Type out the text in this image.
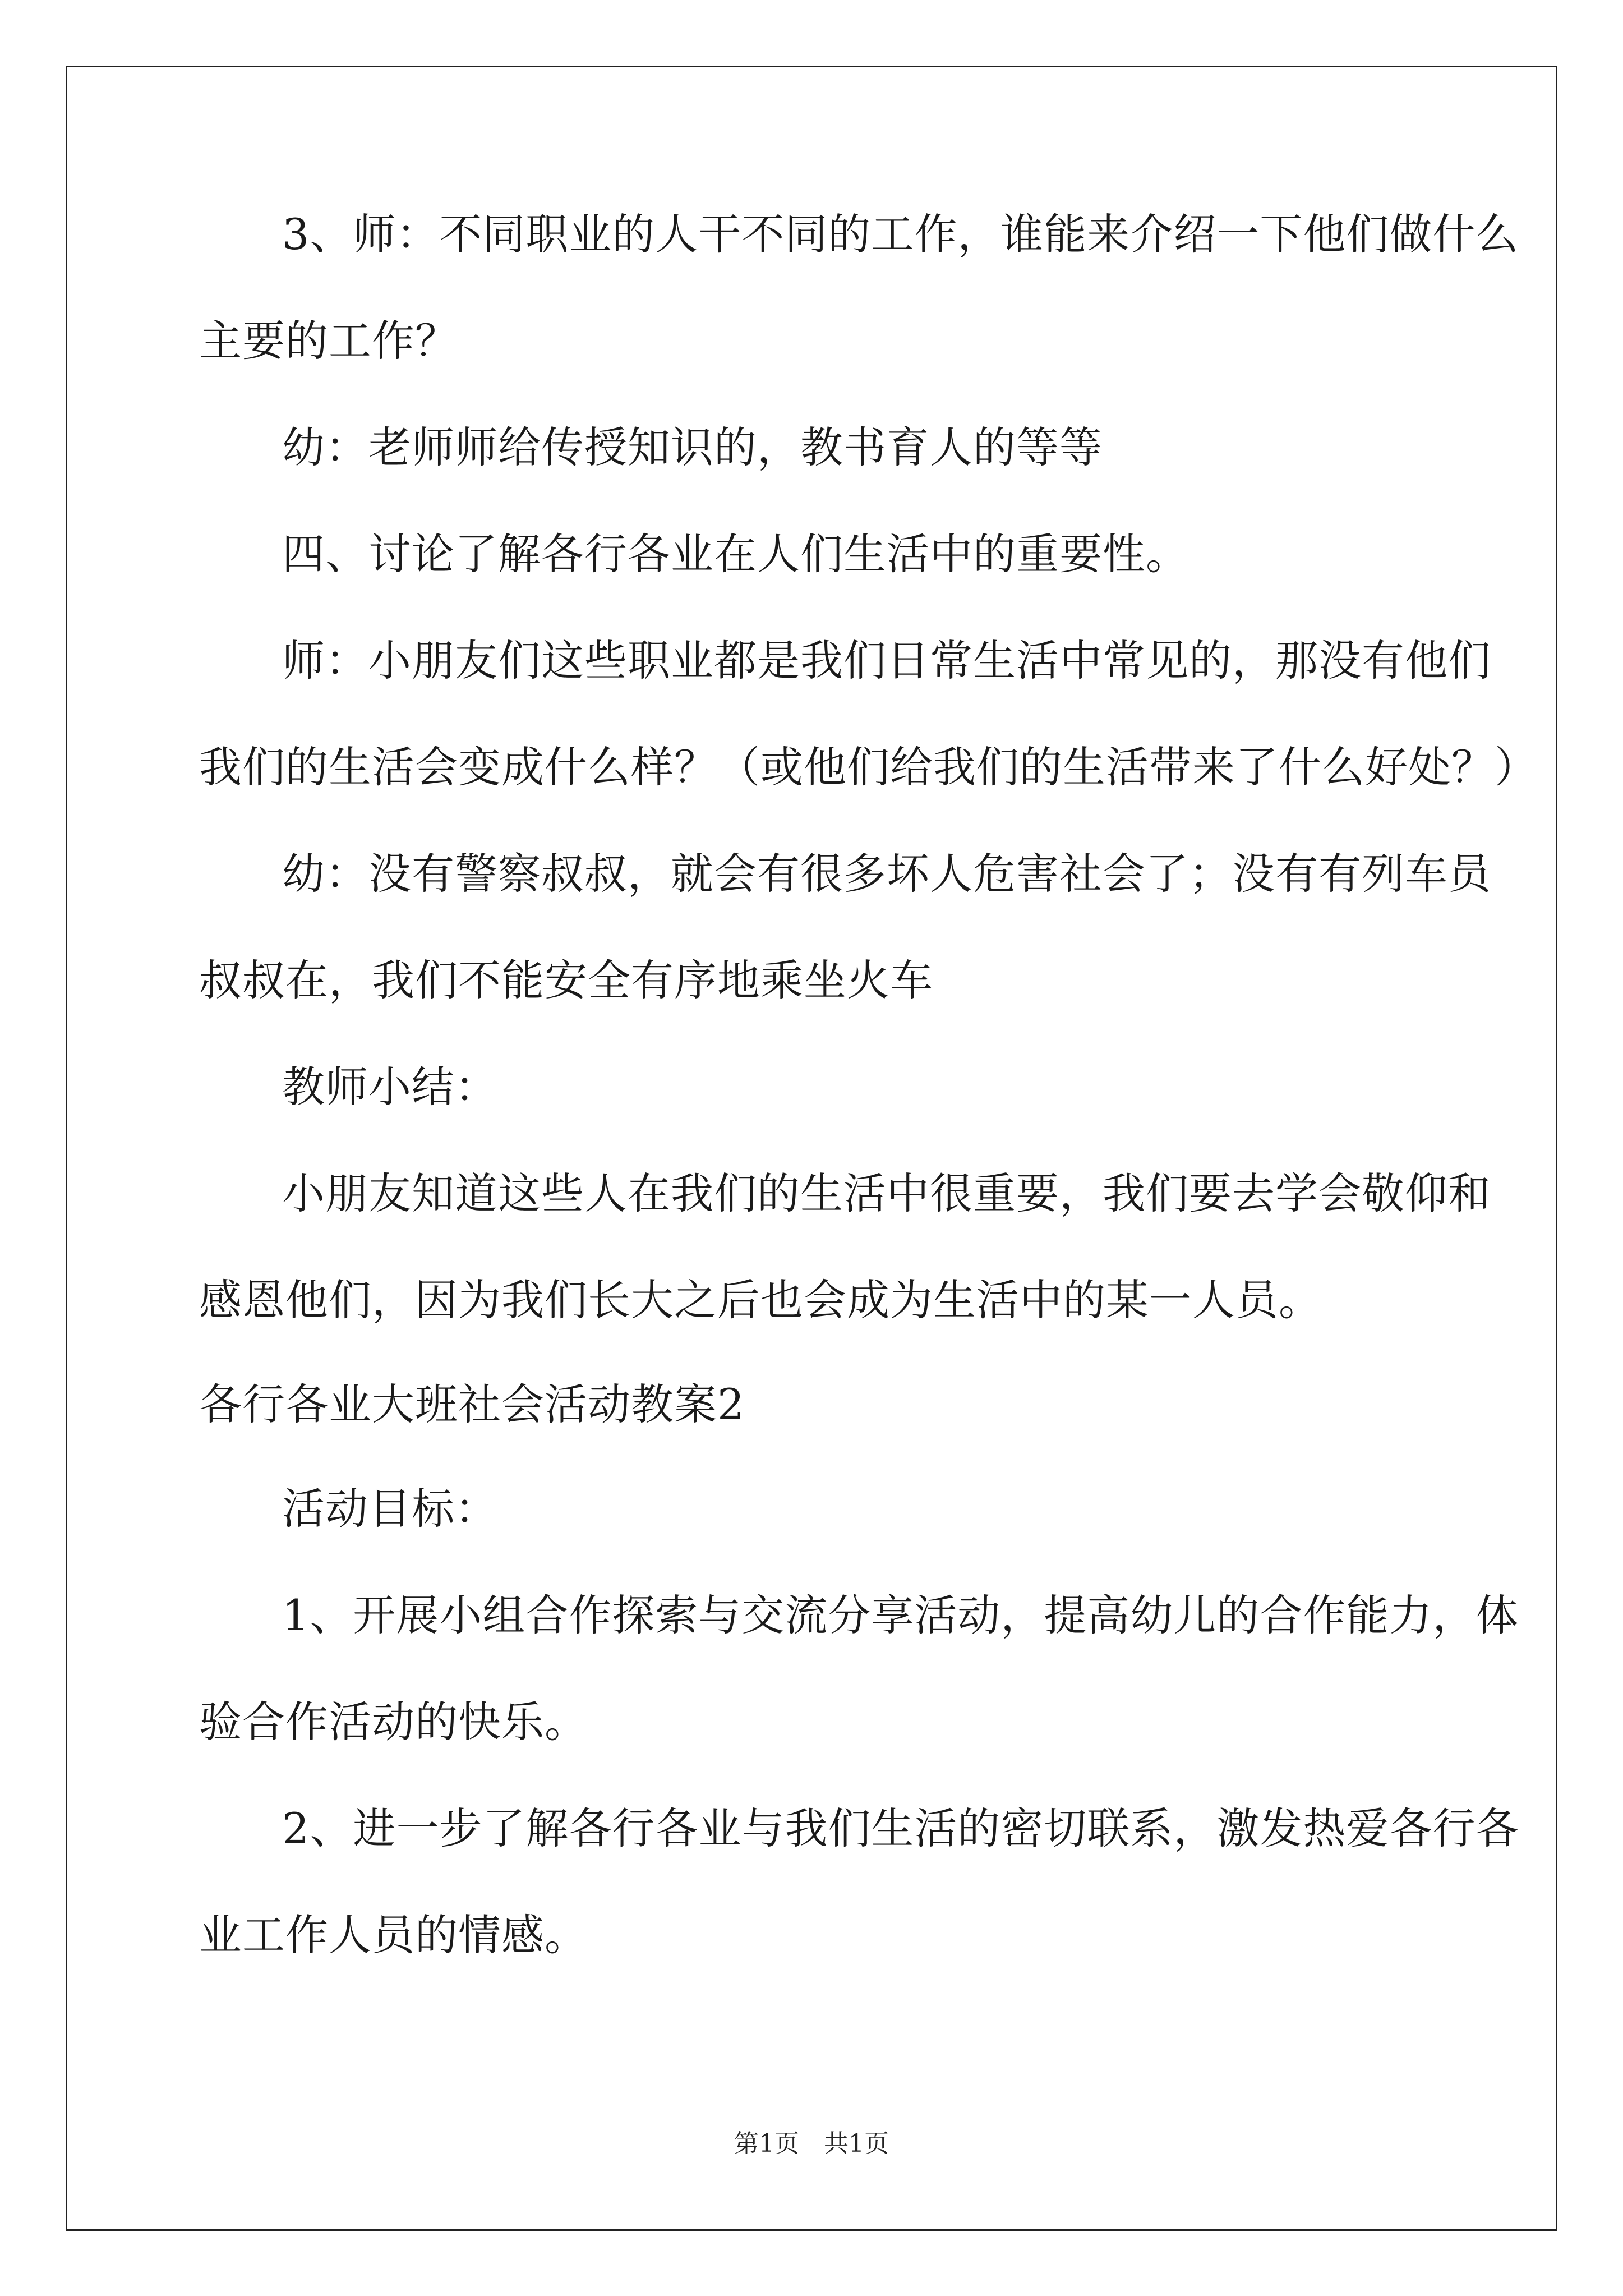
3、师：不同职业的人干不同的工作，谁能来介绍一下他们做什么
主要的工作？
幼：老师师给传授知识的，教书育人的等等
四、讨论了解各行各业在人们生活中的重要性。
师：小朋友们这些职业都是我们日常生活中常见的，那没有他们
我们的生活会变成什么样？（或他们给我们的生活带来了什么好处？）
幼：没有警察叔叔，就会有很多坏人危害社会了；没有有列车员
叔叔在，我们不能安全有序地乘坐火车
教师小结：
小朋友知道这些人在我们的生活中很重要，我们要去学会敬仰和
感恩他们，因为我们长大之后也会成为生活中的某一人员。
各行各业大班社会活动教案2
活动目标：
1、开展小组合作探索与交流分享活动，提高幼儿的合作能力，体
验合作活动的快乐。
2、进一步了解各行各业与我们生活的密切联系，激发热爱各行各
业工作人员的情感。
第1页　共1页
